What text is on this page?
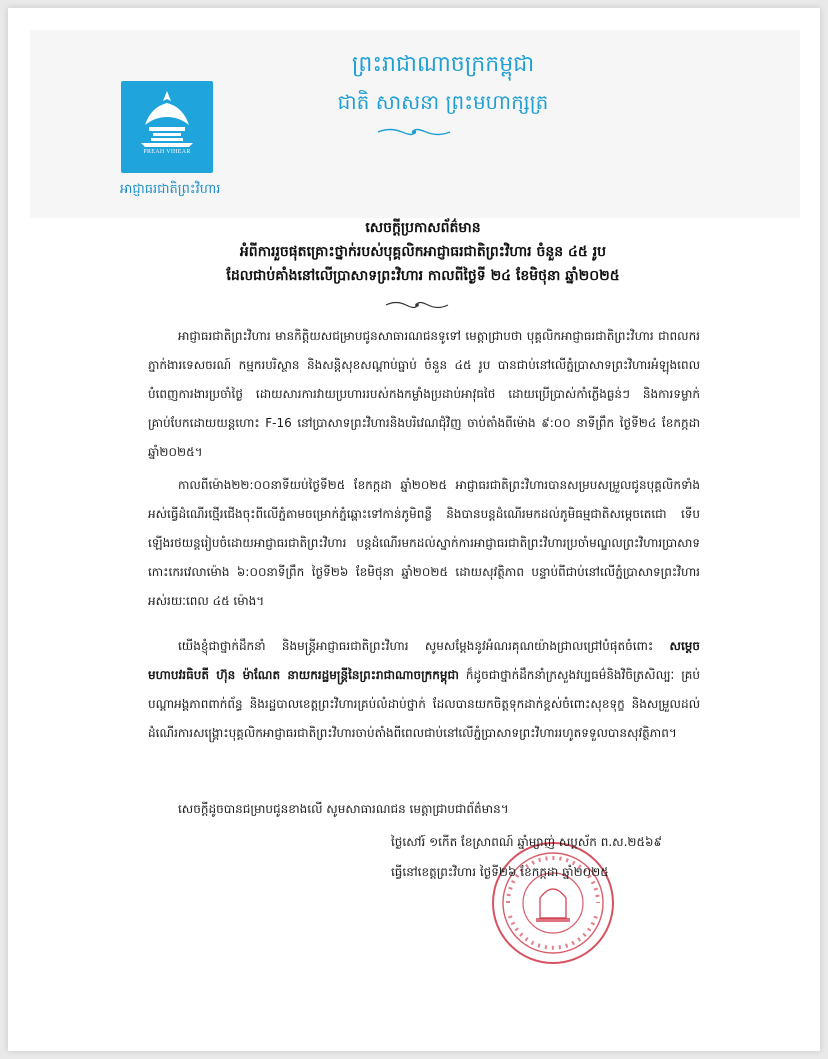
PREAH VIHEAR
អាជ្ញាធរជាតិព្រះវិហារ
ព្រះរាជាណាចក្រកម្ពុជា
ជាតិ សាសនា ព្រះមហាក្សត្រ
សេចក្តីប្រកាសព័ត៌មាន
អំពីការរួចផុតគ្រោះថ្នាក់របស់បុគ្គលិកអាជ្ញាធរជាតិព្រះវិហារ ចំនួន ៤៥ រូប
ដែលជាប់គាំងនៅលើប្រាសាទព្រះវិហារ កាលពីថ្ងៃទី ២៤ ខែមិថុនា ឆ្នាំ២០២៥
អាជ្ញាធរជាតិព្រះវិហារ មានកិត្តិយសជម្រាបជូនសាធារណជនទូទៅ មេត្តាជ្រាបថា បុគ្គលិកអាជ្ញាធរជាតិព្រះវិហារ ជាពលករ ភ្នាក់ងារទេសចរណ៍ កម្មករបរិស្ថាន និងសន្តិសុខសណ្តាប់ធ្នាប់ ចំនួន ៤៥ រូប បានជាប់នៅលើភ្នំប្រាសាទព្រះវិហារអំឡុងពេលបំពេញការងារប្រចាំថ្ងៃ ដោយសារការវាយប្រហាររបស់កងកម្លាំងប្រដាប់អាវុធថៃ ដោយប្រើប្រាស់កាំភ្លើងធ្ងន់ៗ និងការទម្លាក់គ្រាប់បែកដោយយន្តហោះ F-16 នៅប្រាសាទព្រះវិហារនិងបរិវេណជុំវិញ ចាប់តាំងពីម៉ោង ៩:០០ នាទីព្រឹក ថ្ងៃទី២៤ ខែកក្កដា ឆ្នាំ២០២៥។
កាលពីម៉ោង២២:០០នាទីយប់ថ្ងៃទី២៥ ខែកក្កដា ឆ្នាំ២០២៥ អាជ្ញាធរជាតិព្រះវិហារបានសម្របសម្រួលជូនបុគ្គលិកទាំងអស់ធ្វើដំណើរថ្មើរជើងចុះពីលើភ្នំតាមចម្រោក់ភ្នំឆ្ពោះទៅកាន់ភូមិពន្លឺ និងបានបន្តដំណើរមកដល់ភូមិធម្មជាតិសម្តេចតេជោ ទើបឡើងរថយន្តរៀបចំដោយអាជ្ញាធរជាតិព្រះវិហារ បន្តដំណើរមកដល់ស្នាក់ការអាជ្ញាធរជាតិព្រះវិហារប្រចាំមណ្ឌលព្រះវិហារប្រាសាទកោះកេរវេលាម៉ោង ៦:០០នាទីព្រឹក ថ្ងៃទី២៦ ខែមិថុនា ឆ្នាំ២០២៥ ដោយសុវត្ថិភាព បន្ទាប់ពីជាប់នៅលើភ្នំប្រាសាទព្រះវិហារ អស់រយៈពេល ៤៥ ម៉ោង។
យើងខ្ញុំជាថ្នាក់ដឹកនាំ និងមន្ត្រីអាជ្ញាធរជាតិព្រះវិហារ សូមសម្តែងនូវអំណរគុណយ៉ាងជ្រាលជ្រៅបំផុតចំពោះ សម្តេចមហាបវរធិបតី ហ៊ុន ម៉ាណែត នាយករដ្ឋមន្ត្រីនៃព្រះរាជាណាចក្រកម្ពុជា ក៏ដូចជាថ្នាក់ដឹកនាំក្រសួងវប្បធម៌និងវិចិត្រសិល្បៈ គ្រប់បណ្តាអង្គភាពពាក់ព័ន្ធ និងរដ្ឋបាលខេត្តព្រះវិហារគ្រប់លំដាប់ថ្នាក់ ដែលបានយកចិត្តទុកដាក់ខ្ពស់ចំពោះសុខទុក្ខ និងសម្រួលដល់ដំណើរការសង្គ្រោះបុគ្គលិកអាជ្ញាធរជាតិព្រះវិហារចាប់តាំងពីពេលជាប់នៅលើភ្នំប្រាសាទព្រះវិហាររហូតទទួលបានសុវត្ថិភាព។
សេចក្តីដូចបានជម្រាបជូនខាងលើ សូមសាធារណជន មេត្តាជ្រាបជាព័ត៌មាន។
ថ្ងៃសៅរ៍ ១កើត ខែស្រាពណ៍ ឆ្នាំម្សាញ់ សប្តស័ក ព.ស.២៥៦៩
ធ្វើនៅខេត្តព្រះវិហារ ថ្ងៃទី២៦ ខែកក្កដា ឆ្នាំ២០២៥
